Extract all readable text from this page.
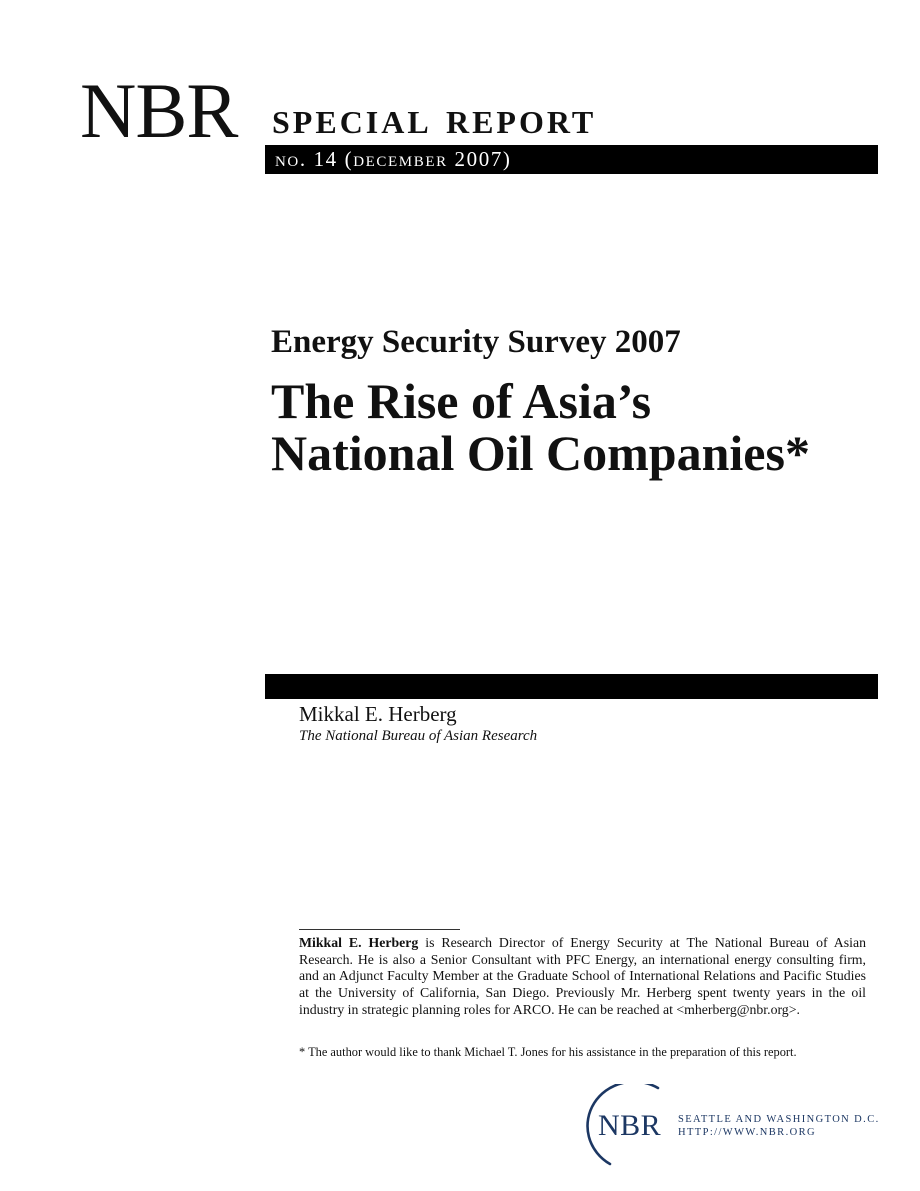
NBR special report
no. 14 (december 2007)
Energy Security Survey 2007
The Rise of Asia’s National Oil Companies*
Mikkal E. Herberg
The National Bureau of Asian Research
Mikkal E. Herberg is Research Director of Energy Security at The National Bureau of Asian Research. He is also a Senior Consultant with PFC Energy, an international energy consulting firm, and an Adjunct Faculty Member at the Graduate School of International Relations and Pacific Studies at the University of California, San Diego. Previously Mr. Herberg spent twenty years in the oil industry in strategic planning roles for ARCO. He can be reached at <mherberg@nbr.org>.
* The author would like to thank Michael T. Jones for his assistance in the preparation of this report.
NBR SEATTLE AND WASHINGTON D.C.
HTTP://WWW.NBR.ORG
